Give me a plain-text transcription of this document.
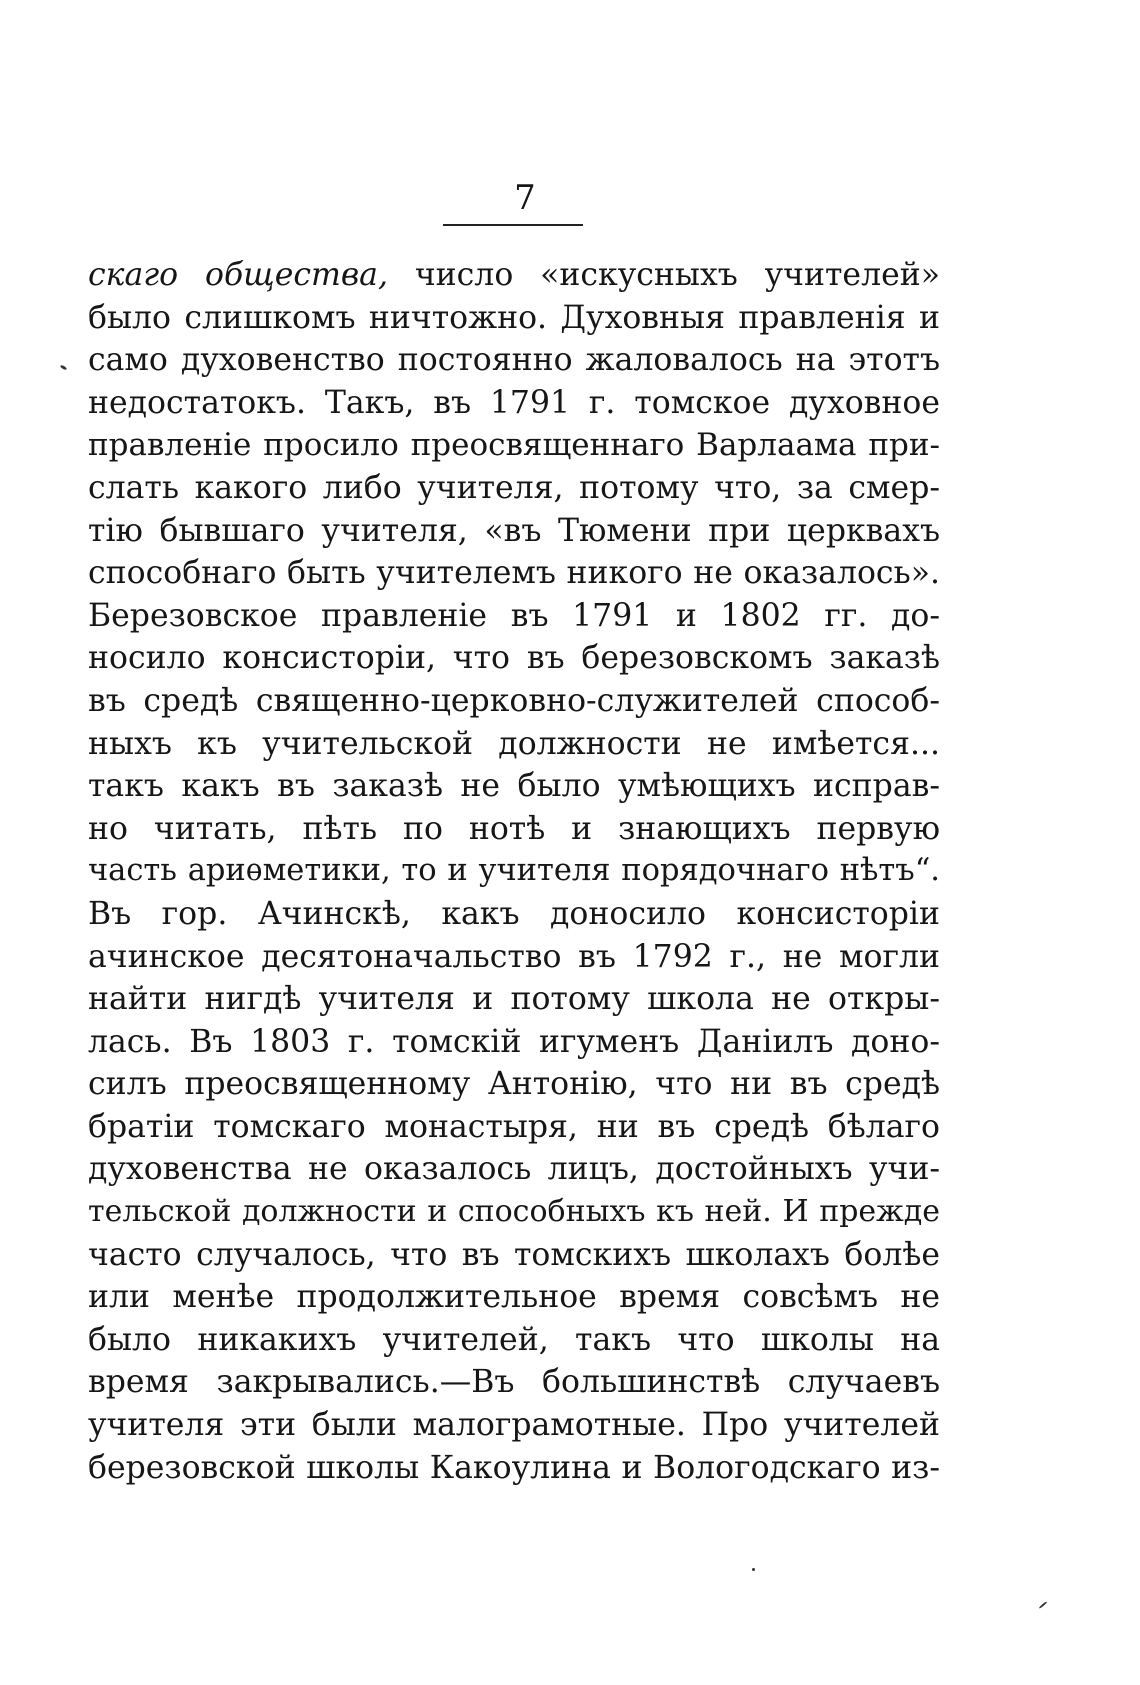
7
скаго общества, число «искусныхъ учителей»
было слишкомъ ничтожно. Духовныя правленія и
само духовенство постоянно жаловалось на этотъ
недостатокъ. Такъ, въ 1791 г. томское духовное
правленіе просило преосвященнаго Варлаама при-
слать какого либо учителя, потому что, за смер-
тію бывшаго учителя, «въ Тюмени при церквахъ
способнаго быть учителемъ никого не оказалось».
Березовское правленіе въ 1791 и 1802 гг. до-
носило консисторіи, что въ березовскомъ заказѣ
въ средѣ священно-церковно-служителей способ-
ныхъ къ учительской должности не имѣется...
такъ какъ въ заказѣ не было умѣющихъ исправ-
но читать, пѣть по нотѣ и знающихъ первую
часть ариѳметики, то и учителя порядочнаго нѣтъ“.
Въ гор. Ачинскѣ, какъ доносило консисторіи
ачинское десятоначальство въ 1792 г., не могли
найти нигдѣ учителя и потому школа не откры-
лась. Въ 1803 г. томскій игуменъ Даніилъ доно-
силъ преосвященному Антонію, что ни въ средѣ
братіи томскаго монастыря, ни въ средѣ бѣлаго
духовенства не оказалось лицъ, достойныхъ учи-
тельской должности и способныхъ къ ней. И прежде
часто случалось, что въ томскихъ школахъ болѣе
или менѣе продолжительное время совсѣмъ не
было никакихъ учителей, такъ что школы на
время закрывались.—Въ большинствѣ случаевъ
учителя эти были малограмотные. Про учителей
березовской школы Какоулина и Вологодскаго из-
